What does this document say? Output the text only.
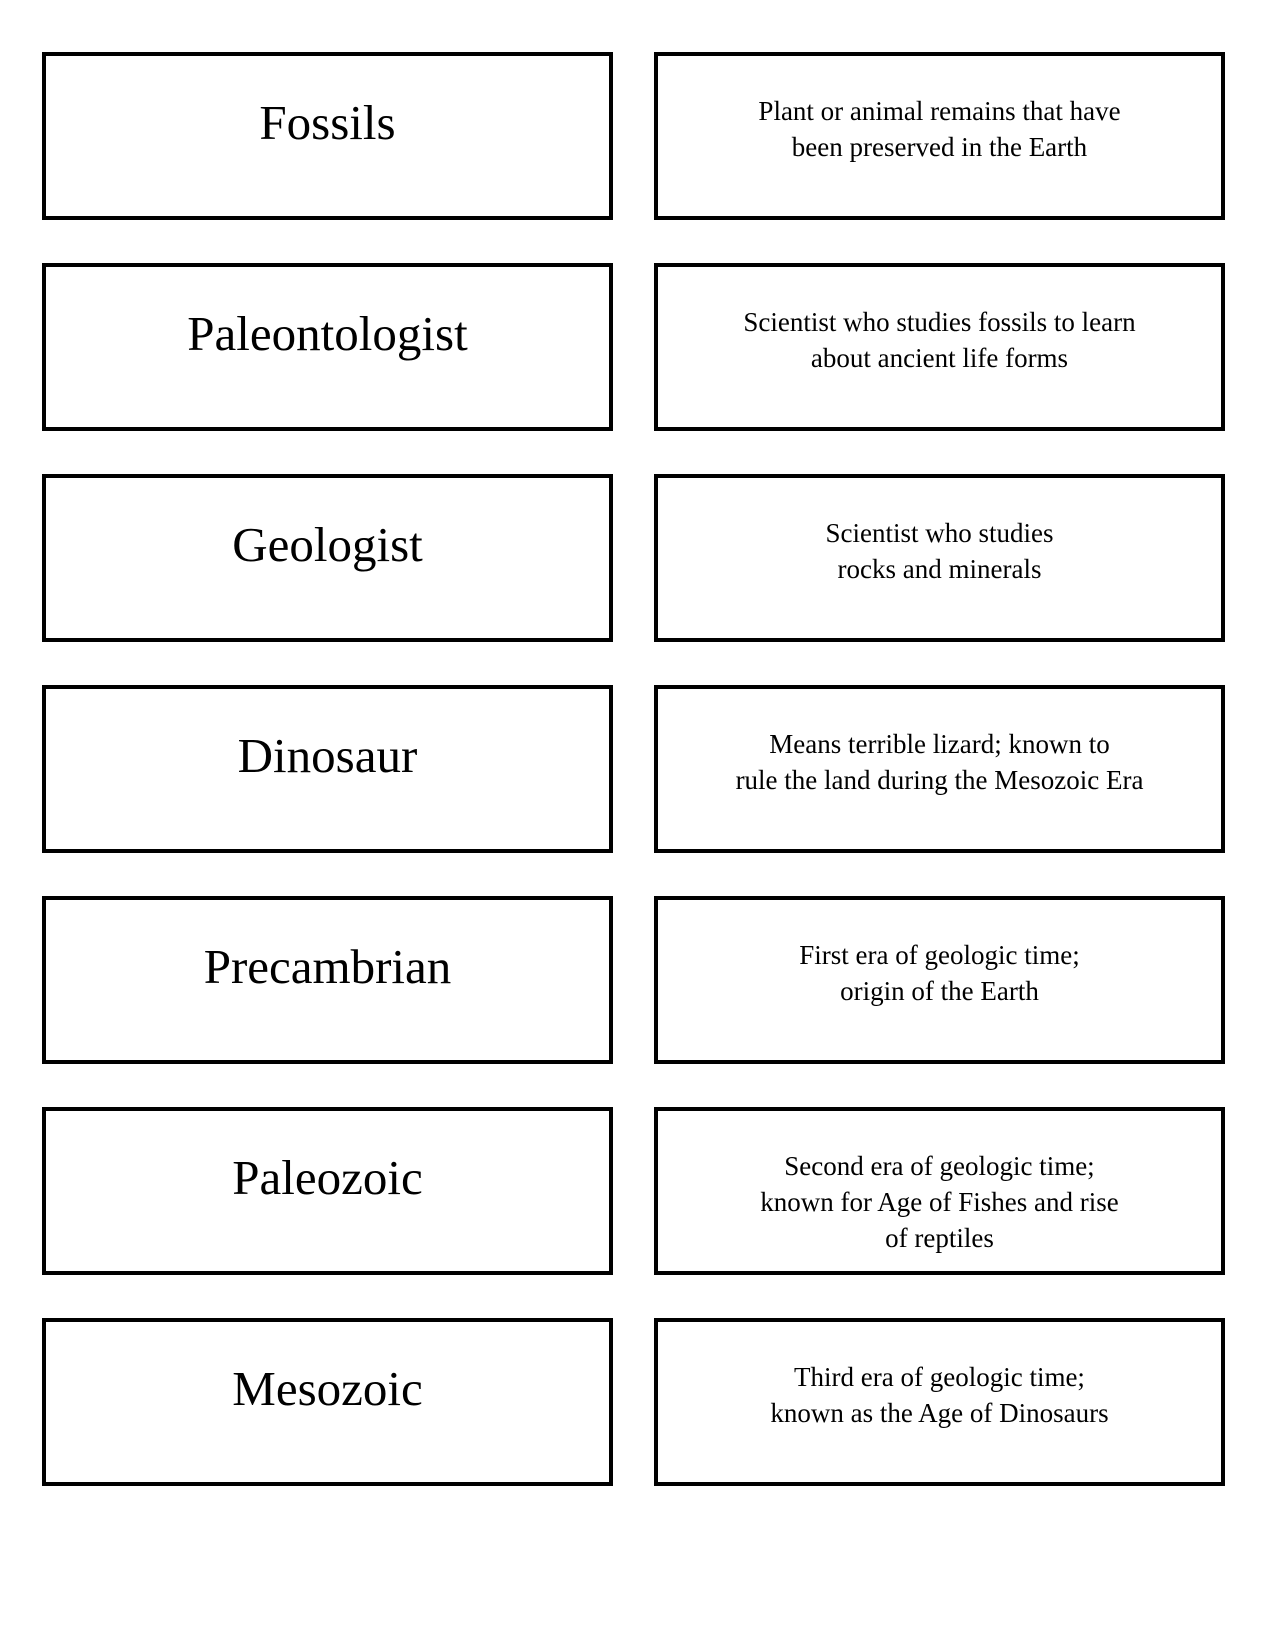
Fossils	Plant or animal remains that have
been preserved in the Earth
Paleontologist	Scientist who studies fossils to learn
about ancient life forms
Geologist	Scientist who studies
rocks and minerals
Dinosaur	Means terrible lizard; known to
rule the land during the Mesozoic Era
Precambrian	First era of geologic time;
origin of the Earth
Paleozoic	Second era of geologic time;
known for Age of Fishes and rise
of reptiles
Mesozoic	Third era of geologic time;
known as the Age of Dinosaurs
